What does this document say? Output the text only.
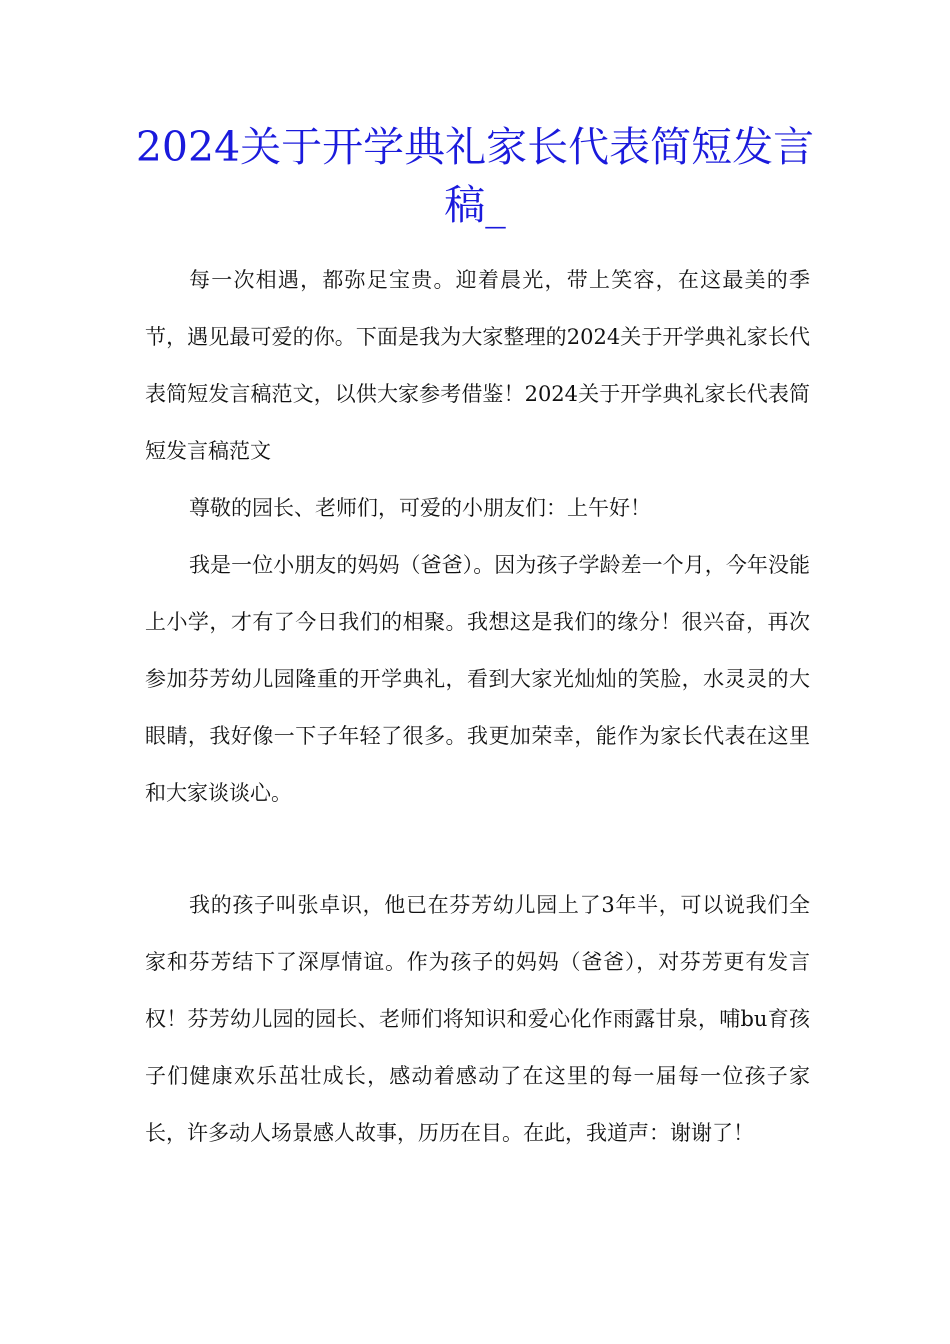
2024关于开学典礼家长代表简短发言稿_

每一次相遇，都弥足宝贵。迎着晨光，带上笑容，在这最美的季节，遇见最可爱的你。下面是我为大家整理的2024关于开学典礼家长代表简短发言稿范文，以供大家参考借鉴！2024关于开学典礼家长代表简短发言稿范文

尊敬的园长、老师们，可爱的小朋友们：上午好！

我是一位小朋友的妈妈（爸爸）。因为孩子学龄差一个月，今年没能上小学，才有了今日我们的相聚。我想这是我们的缘分！很兴奋，再次参加芬芳幼儿园隆重的开学典礼，看到大家光灿灿的笑脸，水灵灵的大眼睛，我好像一下子年轻了很多。我更加荣幸，能作为家长代表在这里和大家谈谈心。

我的孩子叫张卓识，他已在芬芳幼儿园上了3年半，可以说我们全家和芬芳结下了深厚情谊。作为孩子的妈妈（爸爸），对芬芳更有发言权！芬芳幼儿园的园长、老师们将知识和爱心化作雨露甘泉，哺bu育孩子们健康欢乐茁壮成长，感动着感动了在这里的每一届每一位孩子家长，许多动人场景感人故事，历历在目。在此，我道声：谢谢了！
